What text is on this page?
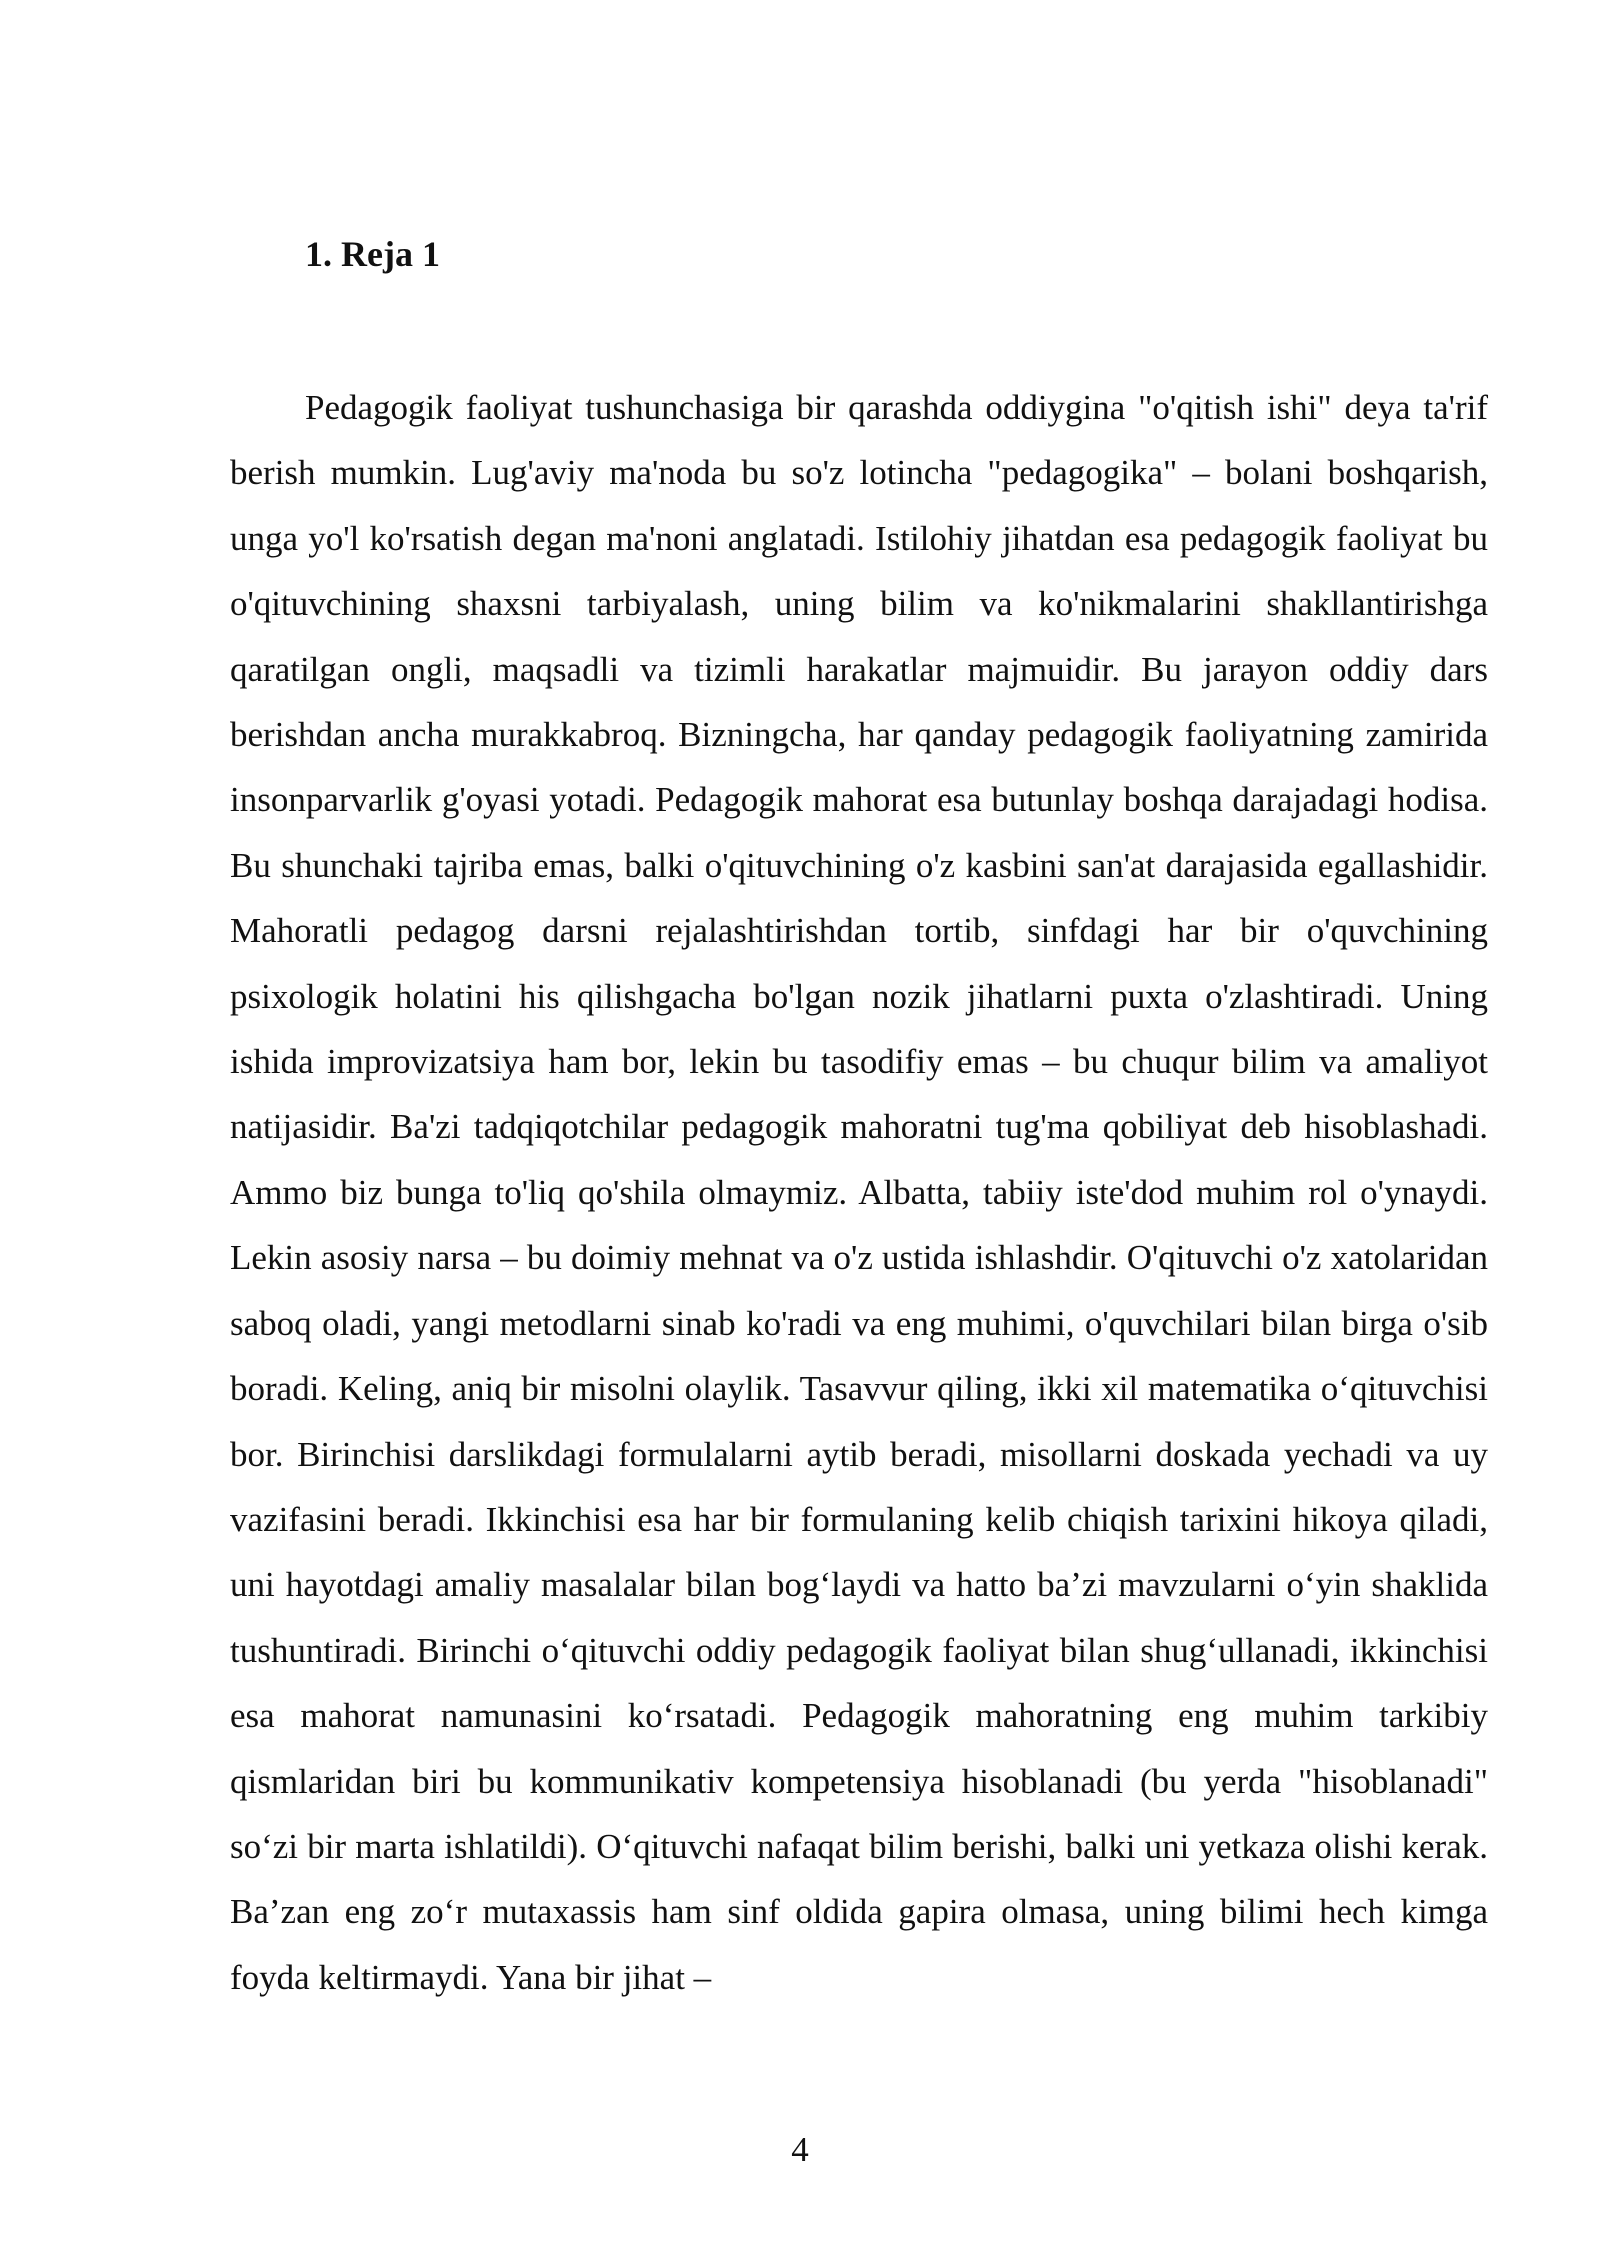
1. Reja 1

Pedagogik faoliyat tushunchasiga bir qarashda oddiygina "o'qitish ishi" deya ta'rif berish mumkin. Lug'aviy ma'noda bu so'z lotincha "pedagogika" – bolani boshqarish, unga yo'l ko'rsatish degan ma'noni anglatadi. Istilohiy jihatdan esa pedagogik faoliyat bu o'qituvchining shaxsni tarbiyalash, uning bilim va ko'nikmalarini shakllantirishga qaratilgan ongli, maqsadli va tizimli harakatlar majmuidir. Bu jarayon oddiy dars berishdan ancha murakkabroq. Bizningcha, har qanday pedagogik faoliyatning zamirida insonparvarlik g'oyasi yotadi. Pedagogik mahorat esa butunlay boshqa darajadagi hodisa. Bu shunchaki tajriba emas, balki o'qituvchining o'z kasbini san'at darajasida egallashidir. Mahoratli pedagog darsni rejalashtirishdan tortib, sinfdagi har bir o'quvchining psixologik holatini his qilishgacha bo'lgan nozik jihatlarni puxta o'zlashtiradi. Uning ishida improvizatsiya ham bor, lekin bu tasodifiy emas – bu chuqur bilim va amaliyot natijasidir. Ba'zi tadqiqotchilar pedagogik mahoratni tug'ma qobiliyat deb hisoblashadi. Ammo biz bunga to'liq qo'shila olmaymiz. Albatta, tabiiy iste'dod muhim rol o'ynaydi. Lekin asosiy narsa – bu doimiy mehnat va o'z ustida ishlashdir. O'qituvchi o'z xatolaridan saboq oladi, yangi metodlarni sinab ko'radi va eng muhimi, o'quvchilari bilan birga o'sib boradi. Keling, aniq bir misolni olaylik. Tasavvur qiling, ikki xil matematika o‘qituvchisi bor. Birinchisi darslikdagi formulalarni aytib beradi, misollarni doskada yechadi va uy vazifasini beradi. Ikkinchisi esa har bir formulaning kelib chiqish tarixini hikoya qiladi, uni hayotdagi amaliy masalalar bilan bog‘laydi va hatto ba’zi mavzularni o‘yin shaklida tushuntiradi. Birinchi o‘qituvchi oddiy pedagogik faoliyat bilan shug‘ullanadi, ikkinchisi esa mahorat namunasini ko‘rsatadi. Pedagogik mahoratning eng muhim tarkibiy qismlaridan biri bu kommunikativ kompetensiya hisoblanadi (bu yerda "hisoblanadi" so‘zi bir marta ishlatildi). O‘qituvchi nafaqat bilim berishi, balki uni yetkaza olishi kerak. Ba’zan eng zo‘r mutaxassis ham sinf oldida gapira olmasa, uning bilimi hech kimga foyda keltirmaydi. Yana bir jihat –

4
